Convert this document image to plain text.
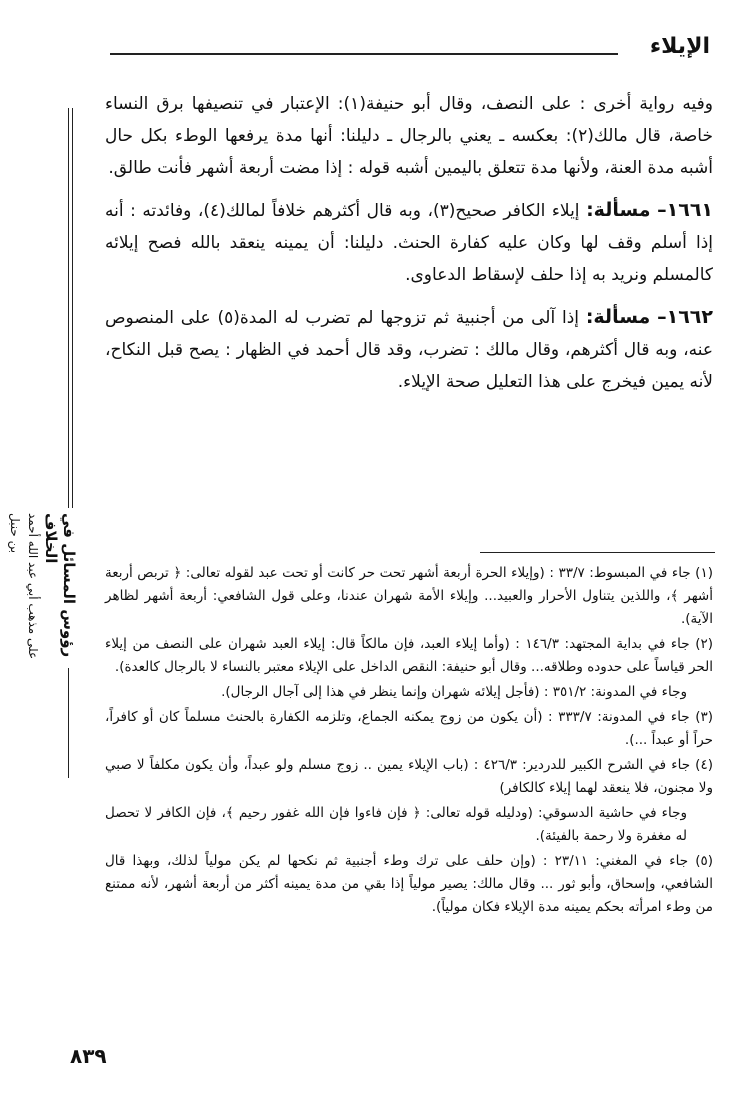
الإيلاء
رؤوس المسائل في الخلاف
على مذهب أبي عبد الله أحمد بن حنبل

وفيه رواية أخرى : على النصف، وقال أبو حنيفة(١): الإعتبار في تنصيفها برق النساء خاصة، قال مالك(٢): بعكسه ـ يعني بالرجال ـ دليلنا: أنها مدة يرفعها الوطء بكل حال أشبه مدة العنة، ولأنها مدة تتعلق باليمين أشبه قوله : إذا مضت أربعة أشهر فأنت طالق.

١٦٦١– مسألة: إيلاء الكافر صحيح(٣)، وبه قال أكثرهم خلافاً لمالك(٤)، وفائدته : أنه إذا أسلم وقف لها وكان عليه كفارة الحنث. دليلنا: أن يمينه ينعقد بالله فصح إيلائه كالمسلم ونريد به إذا حلف لإسقاط الدعاوى.

١٦٦٢– مسألة: إذا آلى من أجنبية ثم تزوجها لم تضرب له المدة(٥) على المنصوص عنه، وبه قال أكثرهم، وقال مالك : تضرب، وقد قال أحمد في الظهار : يصح قبل النكاح، لأنه يمين فيخرج على هذا التعليل صحة الإيلاء.

(١) جاء في المبسوط: ٣٣/٧ : (وإيلاء الحرة أربعة أشهر تحت حر كانت أو تحت عبد لقوله تعالى: ﴿ تربص أربعة أشهر ﴾، واللذين يتناول الأحرار والعبيد... وإيلاء الأمة شهران عندنا، وعلى قول الشافعي: أربعة أشهر لظاهر الآية).

(٢) جاء في بداية المجتهد: ١٤٦/٣ : (وأما إيلاء العبد، فإن مالكاً قال: إيلاء العبد شهران على النصف من إيلاء الحر قياساً على حدوده وطلاقه... وقال أبو حنيفة: النقص الداخل على الإيلاء معتبر بالنساء لا بالرجال كالعدة).

وجاء في المدونة: ٣٥١/٢ : (فأجل إيلائه شهران وإنما ينظر في هذا إلى آجال الرجال).

(٣) جاء في المدونة: ٣٣٣/٧ : (أن يكون من زوج يمكنه الجماع، وتلزمه الكفارة بالحنث مسلماً كان أو كافراً، حراً أو عبداً ...).

(٤) جاء في الشرح الكبير للدردير: ٤٢٦/٣ : (باب الإيلاء يمين .. زوج مسلم ولو عبداً، وأن يكون مكلفاً لا صبي ولا مجنون، فلا ينعقد لهما إيلاء كالكافر)

وجاء في حاشية الدسوقي: (ودليله قوله تعالى: ﴿ فإن فاءوا فإن الله غفور رحيم ﴾، فإن الكافر لا تحصل له مغفرة ولا رحمة بالفيئة).

(٥) جاء في المغني: ٢٣/١١ : (وإن حلف على ترك وطء أجنبية ثم نكحها لم يكن مولياً لذلك، وبهذا قال الشافعي، وإسحاق، وأبو ثور ... وقال مالك: يصير مولياً إذا بقي من مدة يمينه أكثر من أربعة أشهر، لأنه ممتنع من وطء امرأته بحكم يمينه مدة الإيلاء فكان مولياً).

٨٣٩
